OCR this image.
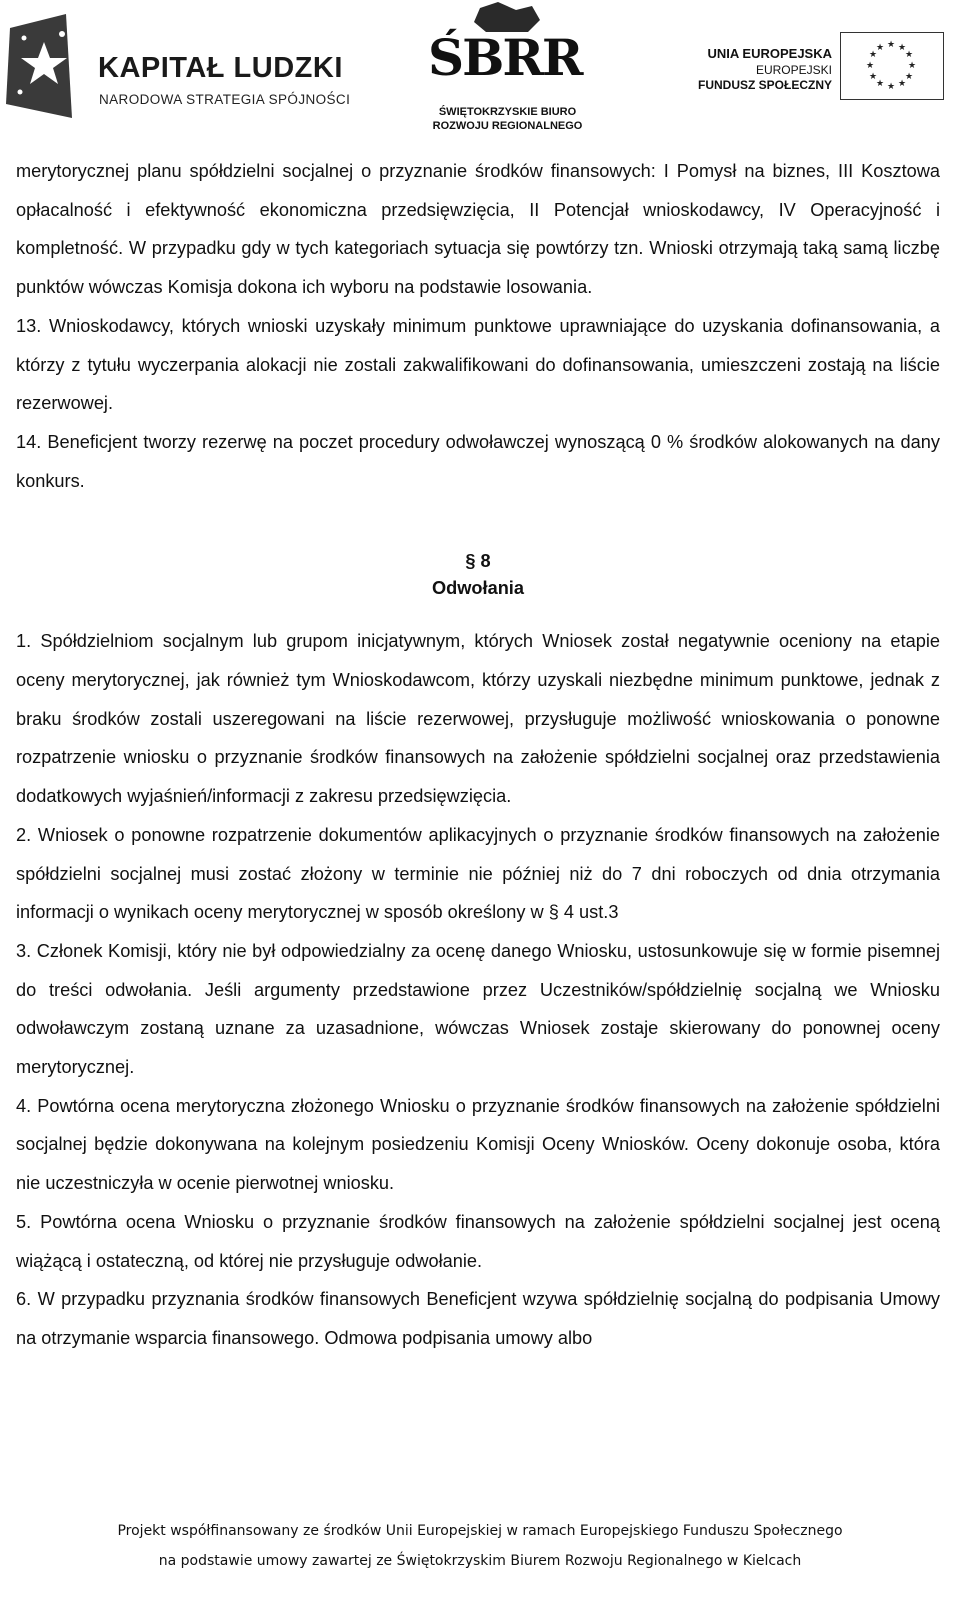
KAPITAŁ LUDZKI
NARODOWA STRATEGIA SPÓJNOŚCI
ŚBRR
ŚWIĘTOKRZYSKIE BIURO
ROZWOJU REGIONALNEGO
UNIA EUROPEJSKA
EUROPEJSKI
FUNDUSZ SPOŁECZNY
★ ★
★
★
★
★
★
★
★
★
★
★

merytorycznej planu spółdzielni socjalnej o przyznanie środków finansowych: I Pomysł na biznes, III Kosztowa opłacalność i efektywność ekonomiczna przedsięwzięcia, II Potencjał wnioskodawcy, IV Operacyjność i kompletność. W przypadku gdy w tych kategoriach sytuacja się powtórzy tzn. Wnioski otrzymają taką samą liczbę punktów wówczas Komisja dokona ich wyboru na podstawie losowania.

13. Wnioskodawcy, których wnioski uzyskały minimum punktowe uprawniające do uzyskania dofinansowania, a którzy z tytułu wyczerpania alokacji nie zostali zakwalifikowani do dofinansowania, umieszczeni zostają na liście rezerwowej.

14. Beneficjent tworzy rezerwę na poczet procedury odwoławczej wynoszącą 0 % środków alokowanych na dany konkurs.

§ 8
Odwołania

1. Spółdzielniom socjalnym lub grupom inicjatywnym, których Wniosek został negatywnie oceniony na etapie oceny merytorycznej, jak również tym Wnioskodawcom, którzy uzyskali niezbędne minimum punktowe, jednak z braku środków zostali uszeregowani na liście rezerwowej, przysługuje możliwość wnioskowania o ponowne rozpatrzenie wniosku o przyznanie środków finansowych na założenie spółdzielni socjalnej oraz przedstawienia dodatkowych wyjaśnień/informacji z zakresu przedsięwzięcia.

2. Wniosek o ponowne rozpatrzenie dokumentów aplikacyjnych o przyznanie środków finansowych na założenie spółdzielni socjalnej musi zostać złożony w terminie nie później niż do 7 dni roboczych od dnia otrzymania informacji o wynikach oceny merytorycznej w sposób określony w § 4 ust.3

3. Członek Komisji, który nie był odpowiedzialny za ocenę danego Wniosku, ustosunkowuje się w formie pisemnej do treści odwołania. Jeśli argumenty przedstawione przez Uczestników/spółdzielnię socjalną we Wniosku odwoławczym zostaną uznane za uzasadnione, wówczas Wniosek zostaje skierowany do ponownej oceny merytorycznej.

4. Powtórna ocena merytoryczna złożonego Wniosku o przyznanie środków finansowych na założenie spółdzielni socjalnej będzie dokonywana na kolejnym posiedzeniu Komisji Oceny Wniosków. Oceny dokonuje osoba, która nie uczestniczyła w ocenie pierwotnej wniosku.

5. Powtórna ocena Wniosku o przyznanie środków finansowych na założenie spółdzielni socjalnej jest oceną wiążącą i ostateczną, od której nie przysługuje odwołanie.

6. W przypadku przyznania środków finansowych Beneficjent wzywa spółdzielnię socjalną do podpisania Umowy na otrzymanie wsparcia finansowego. Odmowa podpisania umowy albo

Projekt współfinansowany ze środków Unii Europejskiej w ramach Europejskiego Funduszu Społecznego
na podstawie umowy zawartej ze Świętokrzyskim Biurem Rozwoju Regionalnego w Kielcach
